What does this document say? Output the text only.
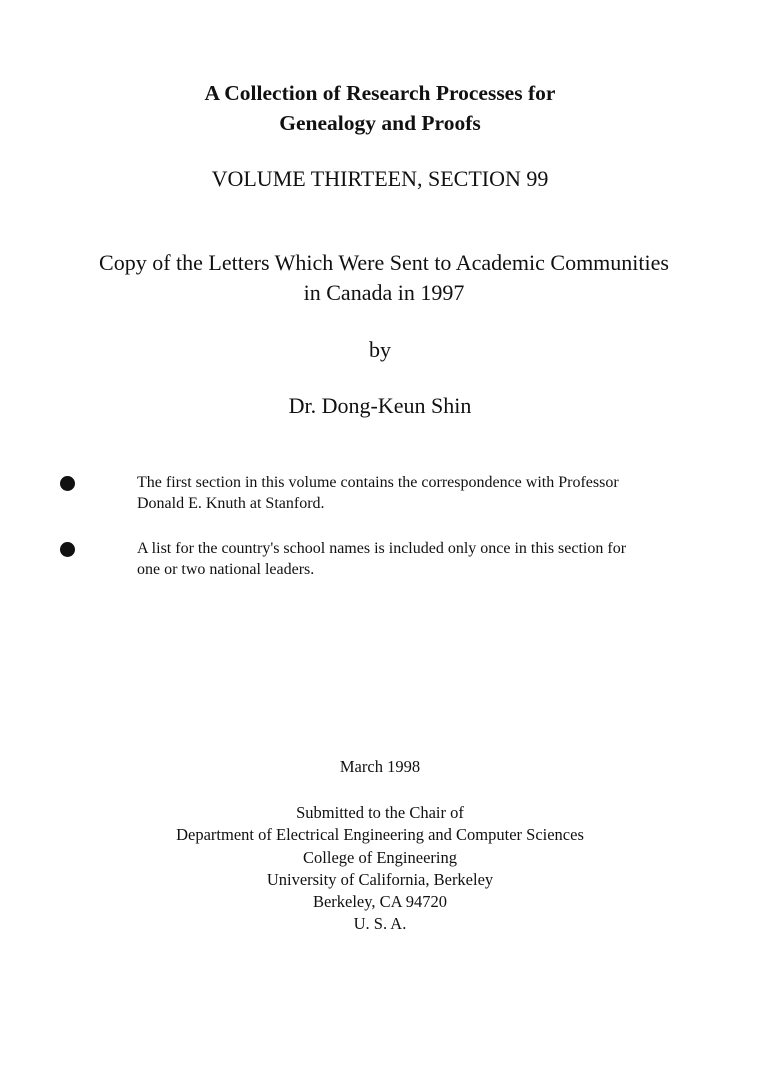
A Collection of Research Processes for
Genealogy and Proofs

VOLUME THIRTEEN, SECTION 99

Copy of the Letters Which Were Sent to Academic Communities
in Canada in 1997

by

Dr. Dong-Keun Shin

The first section in this volume contains the correspondence with Professor
Donald E. Knuth at Stanford.

A list for the country's school names is included only once in this section for
one or two national leaders.

March 1998

Submitted to the Chair of
Department of Electrical Engineering and Computer Sciences
College of Engineering
University of California, Berkeley
Berkeley, CA 94720
U. S. A.
